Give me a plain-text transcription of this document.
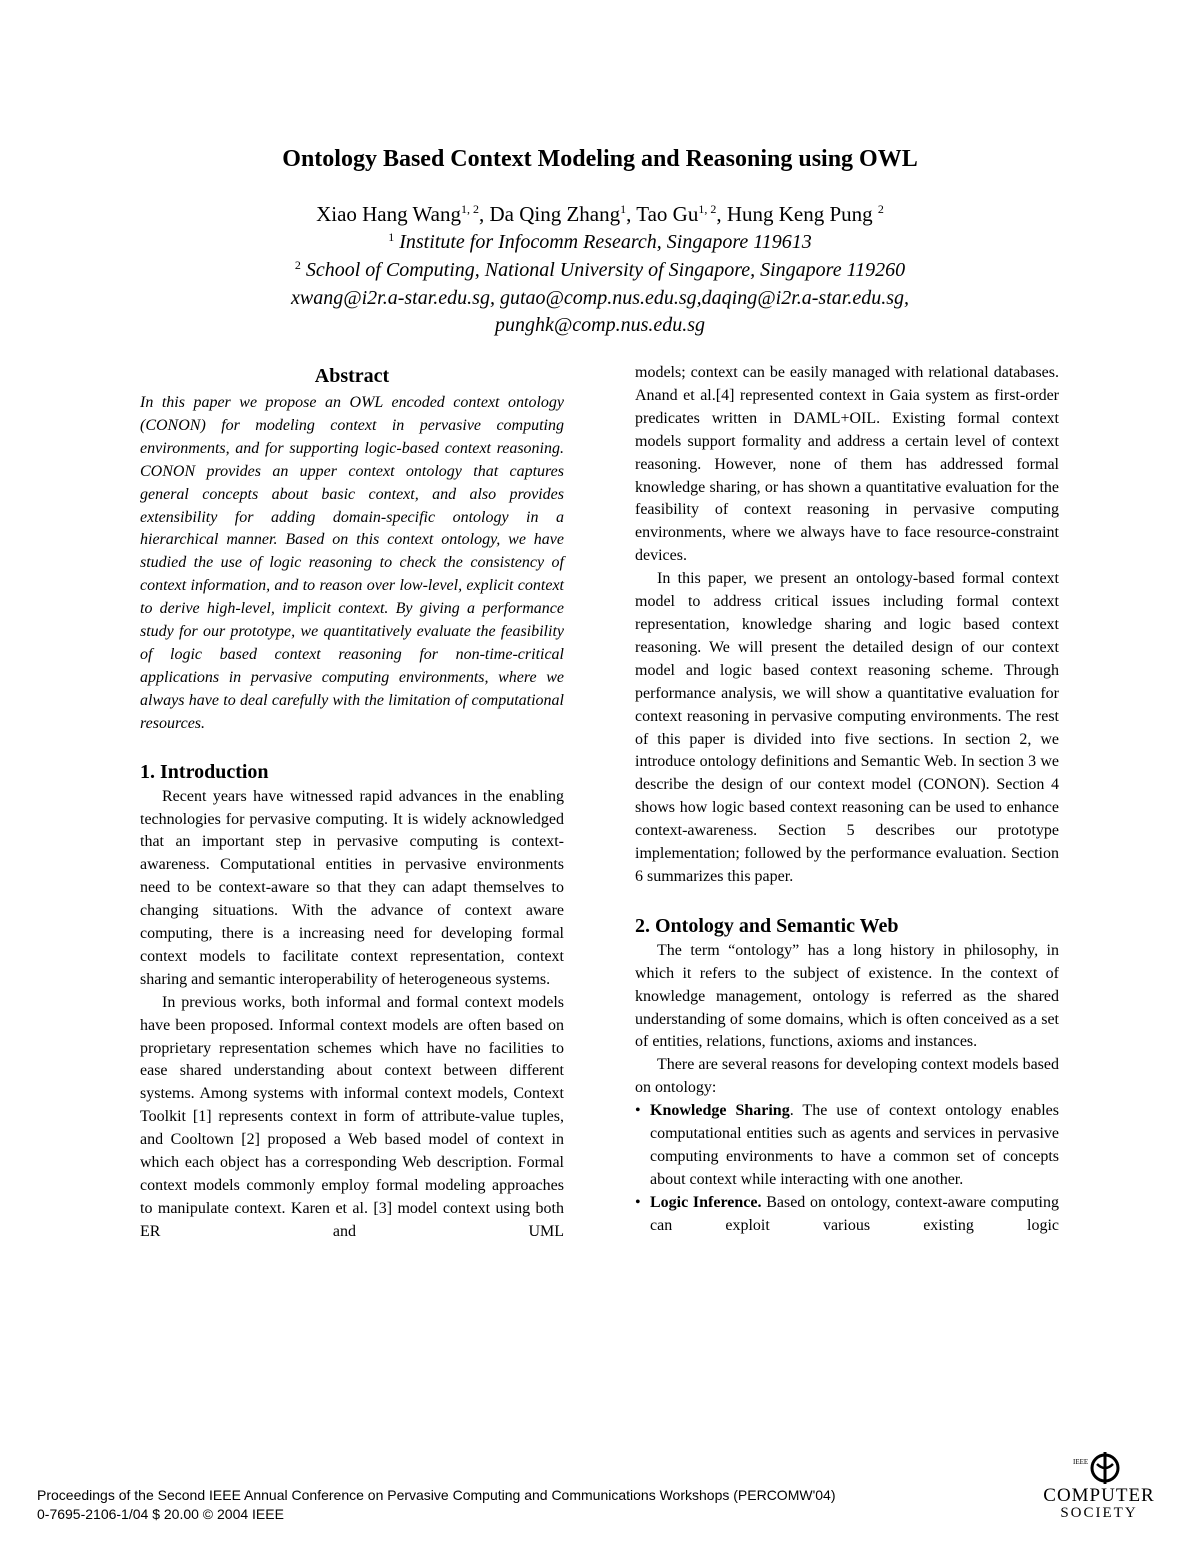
Ontology Based Context Modeling and Reasoning using OWL
Xiao Hang Wang$^{1, 2}$, Da Qing Zhang$^1$, Tao Gu$^{1, 2}$, Hung Keng Pung $^2$
$^1$ Institute for Infocomm Research, Singapore 119613
$^2$ School of Computing, National University of Singapore, Singapore 119260
xwang@i2r.a-star.edu.sg, gutao@comp.nus.edu.sg,daqing@i2r.a-star.edu.sg,
punghk@comp.nus.edu.sg
Abstract

In this paper we propose an OWL encoded context ontology (CONON) for modeling context in pervasive computing environments, and for supporting logic-based context reasoning. CONON provides an upper context ontology that captures general concepts about basic context, and also provides extensibility for adding domain-specific ontology in a hierarchical manner. Based on this context ontology, we have studied the use of logic reasoning to check the consistency of context information, and to reason over low-level, explicit context to derive high-level, implicit context. By giving a performance study for our prototype, we quantitatively evaluate the feasibility of logic based context reasoning for non-time-critical applications in pervasive computing environments, where we always have to deal carefully with the limitation of computational resources.

1. Introduction

Recent years have witnessed rapid advances in the enabling technologies for pervasive computing. It is widely acknowledged that an important step in pervasive computing is context-awareness. Computational entities in pervasive environments need to be context-aware so that they can adapt themselves to changing situations. With the advance of context aware computing, there is a increasing need for developing formal context models to facilitate context representation, context sharing and semantic interoperability of heterogeneous systems.

In previous works, both informal and formal context models have been proposed. Informal context models are often based on proprietary representation schemes which have no facilities to ease shared understanding about context between different systems. Among systems with informal context models, Context Toolkit [1] represents context in form of attribute-value tuples, and Cooltown [2] proposed a Web based model of context in which each object has a corresponding Web description. Formal context models commonly employ formal modeling approaches to manipulate context. Karen et al. [3] model context using both ER and UML

models; context can be easily managed with relational databases. Anand et al.[4] represented context in Gaia system as first-order predicates written in DAML+OIL. Existing formal context models support formality and address a certain level of context reasoning. However, none of them has addressed formal knowledge sharing, or has shown a quantitative evaluation for the feasibility of context reasoning in pervasive computing environments, where we always have to face resource-constraint devices.

In this paper, we present an ontology-based formal context model to address critical issues including formal context representation, knowledge sharing and logic based context reasoning. We will present the detailed design of our context model and logic based context reasoning scheme. Through performance analysis, we will show a quantitative evaluation for context reasoning in pervasive computing environments. The rest of this paper is divided into five sections. In section 2, we introduce ontology definitions and Semantic Web. In section 3 we describe the design of our context model (CONON). Section 4 shows how logic based context reasoning can be used to enhance context-awareness. Section 5 describes our prototype implementation; followed by the performance evaluation. Section 6 summarizes this paper.

2. Ontology and Semantic Web

The term “ontology” has a long history in philosophy, in which it refers to the subject of existence. In the context of knowledge management, ontology is referred as the shared understanding of some domains, which is often conceived as a set of entities, relations, functions, axioms and instances.

There are several reasons for developing context models based on ontology:

• Knowledge Sharing. The use of context ontology enables computational entities such as agents and services in pervasive computing environments to have a common set of concepts about context while interacting with one another.
• Logic Inference. Based on ontology, context-aware computing can exploit various existing logic
Proceedings of the Second IEEE Annual Conference on Pervasive Computing and Communications Workshops (PERCOMW'04)
0-7695-2106-1/04 $ 20.00 © 2004 IEEE
IEEE
COMPUTER
SOCIETY
